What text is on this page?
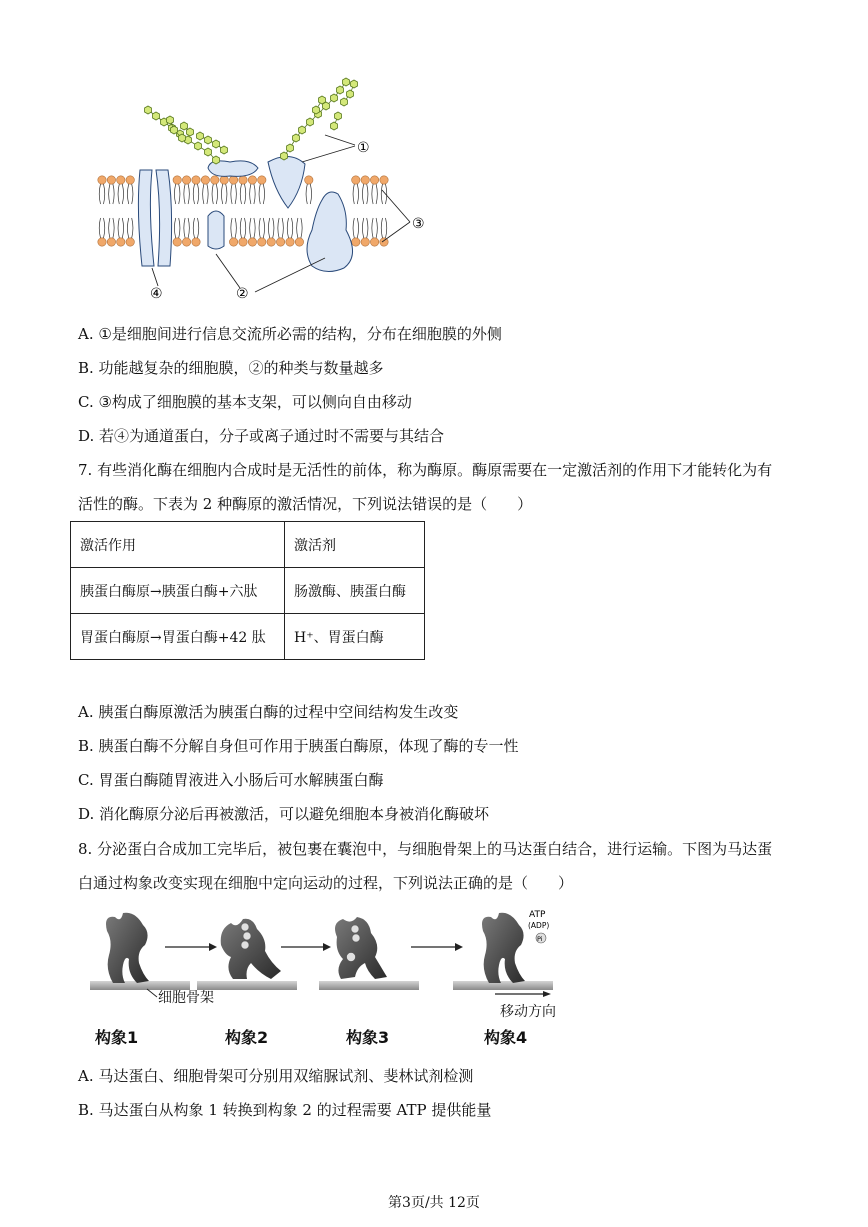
①
③
②
④
A. ①是细胞间进行信息交流所必需的结构，分布在细胞膜的外侧
B. 功能越复杂的细胞膜，②的种类与数量越多
C. ③构成了细胞膜的基本支架，可以侧向自由移动
D. 若④为通道蛋白，分子或离子通过时不需要与其结合
7. 有些消化酶在细胞内合成时是无活性的前体，称为酶原。酶原需要在一定激活剂的作用下才能转化为有
活性的酶。下表为 2 种酶原的激活情况，下列说法错误的是（　　）
激活作用	激活剂
胰蛋白酶原→胰蛋白酶+六肽	肠激酶、胰蛋白酶
胃蛋白酶原→胃蛋白酶+42 肽	H⁺、胃蛋白酶
A. 胰蛋白酶原激活为胰蛋白酶的过程中空间结构发生改变
B. 胰蛋白酶不分解自身但可作用于胰蛋白酶原，体现了酶的专一性
C. 胃蛋白酶随胃液进入小肠后可水解胰蛋白酶
D. 消化酶原分泌后再被激活，可以避免细胞本身被消化酶破坏
8. 分泌蛋白合成加工完毕后，被包裹在囊泡中，与细胞骨架上的马达蛋白结合，进行运输。下图为马达蛋
白通过构象改变实现在细胞中定向运动的过程，下列说法正确的是（　　）
ATP
(ADP)
Pi
细胞骨架
移动方向
构象1	构象2	构象3	构象4
A. 马达蛋白、细胞骨架可分别用双缩脲试剂、斐林试剂检测
B. 马达蛋白从构象 1 转换到构象 2 的过程需要 ATP 提供能量
第3页/共 12页
